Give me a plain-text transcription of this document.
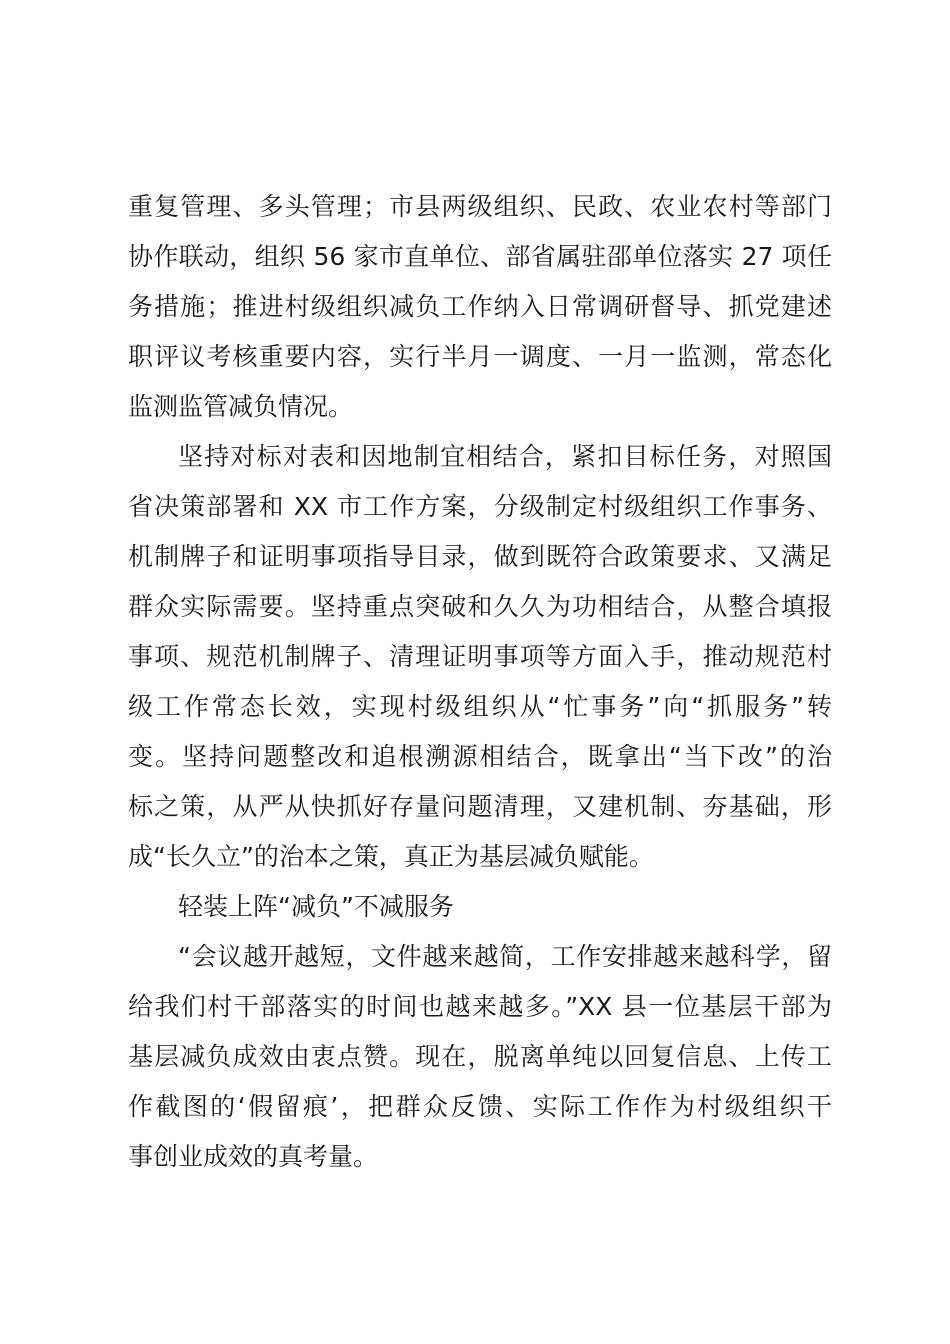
重复管理、多头管理；市县两级组织、民政、农业农村等部门
协作联动，组织 56 家市直单位、部省属驻邵单位落实 27 项任
务措施；推进村级组织减负工作纳入日常调研督导、抓党建述
职评议考核重要内容，实行半月一调度、一月一监测，常态化
监测监管减负情况。
坚持对标对表和因地制宜相结合，紧扣目标任务，对照国
省决策部署和 XX 市工作方案，分级制定村级组织工作事务、
机制牌子和证明事项指导目录，做到既符合政策要求、又满足
群众实际需要。坚持重点突破和久久为功相结合，从整合填报
事项、规范机制牌子、清理证明事项等方面入手，推动规范村
级工作常态长效，实现村级组织从“忙事务”向“抓服务”转
变。坚持问题整改和追根溯源相结合，既拿出“当下改”的治
标之策，从严从快抓好存量问题清理，又建机制、夯基础，形
成“长久立”的治本之策，真正为基层减负赋能。
轻装上阵“减负”不减服务
“会议越开越短，文件越来越简，工作安排越来越科学，留
给我们村干部落实的时间也越来越多。”XX 县一位基层干部为
基层减负成效由衷点赞。现在，脱离单纯以回复信息、上传工
作截图的‘假留痕’，把群众反馈、实际工作作为村级组织干
事创业成效的真考量。
